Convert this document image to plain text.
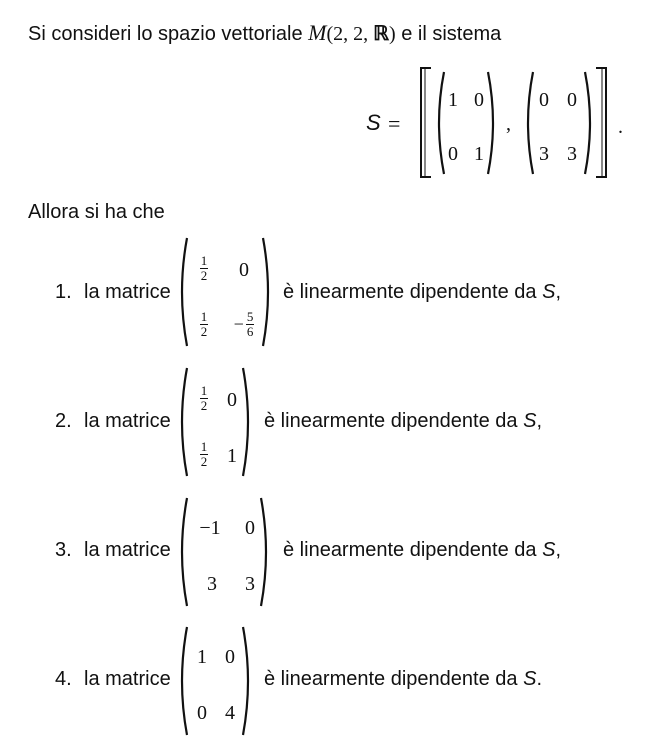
Si consideri lo spazio vettoriale M(2, 2, ℝ) e il sistema
S =
1 0
0 1
,
0 0
3 3
.
Allora si ha che
1. la matrice
$\frac{1}{2} 0$
$\frac{1}{2}$	− $\frac{5}{6}$
è linearmente dipendente da S,
2. la matrice
$\frac{1}{2} 0$
$\frac{1}{2} 1$
è linearmente dipendente da S,
3. la matrice
−1	0
3 3
è linearmente dipendente da S,
4. la matrice
1 0
0 4
è linearmente dipendente da S.
